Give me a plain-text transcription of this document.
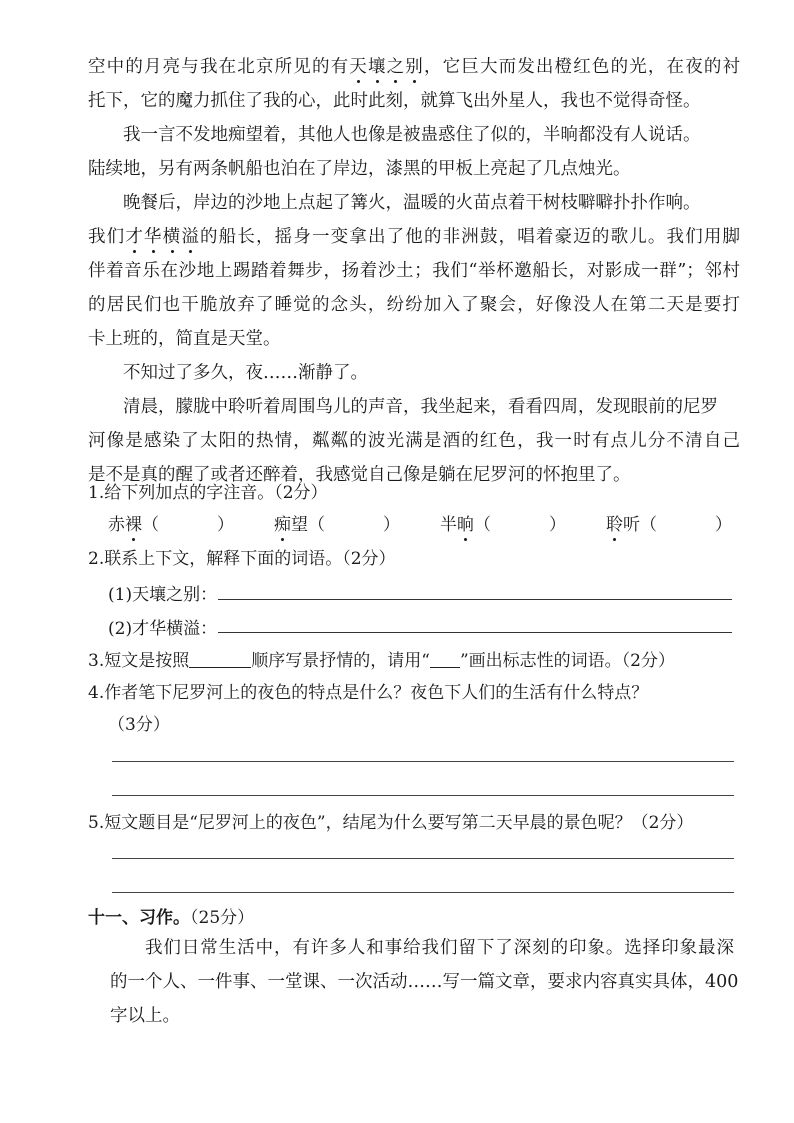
空中的月亮与我在北京所见的有天壤之别，它巨大而发出橙红色的光，在夜的衬
托下，它的魔力抓住了我的心，此时此刻，就算飞出外星人，我也不觉得奇怪。
我一言不发地痴望着，其他人也像是被蛊惑住了似的，半晌都没有人说话。
陆续地，另有两条帆船也泊在了岸边，漆黑的甲板上亮起了几点烛光。
晚餐后，岸边的沙地上点起了篝火，温暖的火苗点着干树枝噼噼扑扑作响。
我们才华横溢的船长，摇身一变拿出了他的非洲鼓，唱着豪迈的歌儿。我们用脚
伴着音乐在沙地上踢踏着舞步，扬着沙土；我们“举杯邀船长，对影成一群”；邻村
的居民们也干脆放弃了睡觉的念头，纷纷加入了聚会，好像没人在第二天是要打
卡上班的，简直是天堂。
不知过了多久，夜……渐静了。
清晨，朦胧中聆听着周围鸟儿的声音，我坐起来，看看四周，发现眼前的尼罗
河像是感染了太阳的热情，粼粼的波光满是酒的红色，我一时有点儿分不清自己
是不是真的醒了或者还醉着，我感觉自己像是躺在尼罗河的怀抱里了。
1.给下列加点的字注音。（2分）
赤裸（	） 痴望（	） 半晌（	） 聆听（	）
2.联系上下文，解释下面的词语。（2分）
(1)天壤之别：
(2)才华横溢：
3.短文是按照	顺序写景抒情的，请用“ ”画出标志性的词语。（2分）
4.作者笔下尼罗河上的夜色的特点是什么？夜色下人们的生活有什么特点？
（3分）
5.短文题目是“尼罗河上的夜色”，结尾为什么要写第二天早晨的景色呢？（2分）
十一、习作。（25分）
我们日常生活中，有许多人和事给我们留下了深刻的印象。选择印象最深
的一个人、一件事、一堂课、一次活动……写一篇文章，要求内容真实具体，400
字以上。
